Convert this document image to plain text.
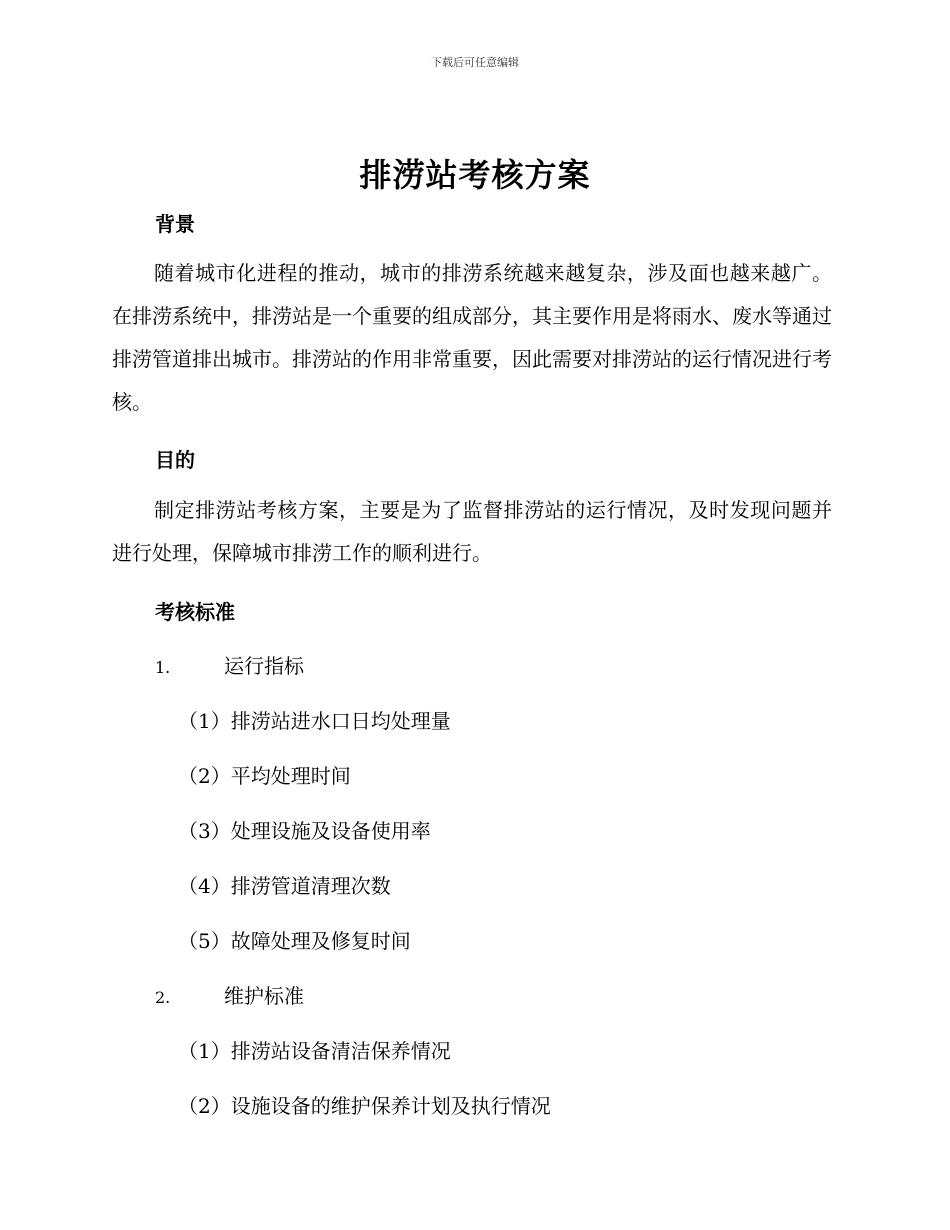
下载后可任意编辑
排涝站考核方案
背景
随着城市化进程的推动，城市的排涝系统越来越复杂，涉及面也越来越广。在排涝系统中，排涝站是一个重要的组成部分，其主要作用是将雨水、废水等通过排涝管道排出城市。排涝站的作用非常重要，因此需要对排涝站的运行情况进行考核。
目的
制定排涝站考核方案，主要是为了监督排涝站的运行情况，及时发现问题并进行处理，保障城市排涝工作的顺利进行。
考核标准
1.	运行指标
（1）排涝站进水口日均处理量
（2）平均处理时间
（3）处理设施及设备使用率
（4）排涝管道清理次数
（5）故障处理及修复时间
2.	维护标准
（1）排涝站设备清洁保养情况
（2）设施设备的维护保养计划及执行情况
